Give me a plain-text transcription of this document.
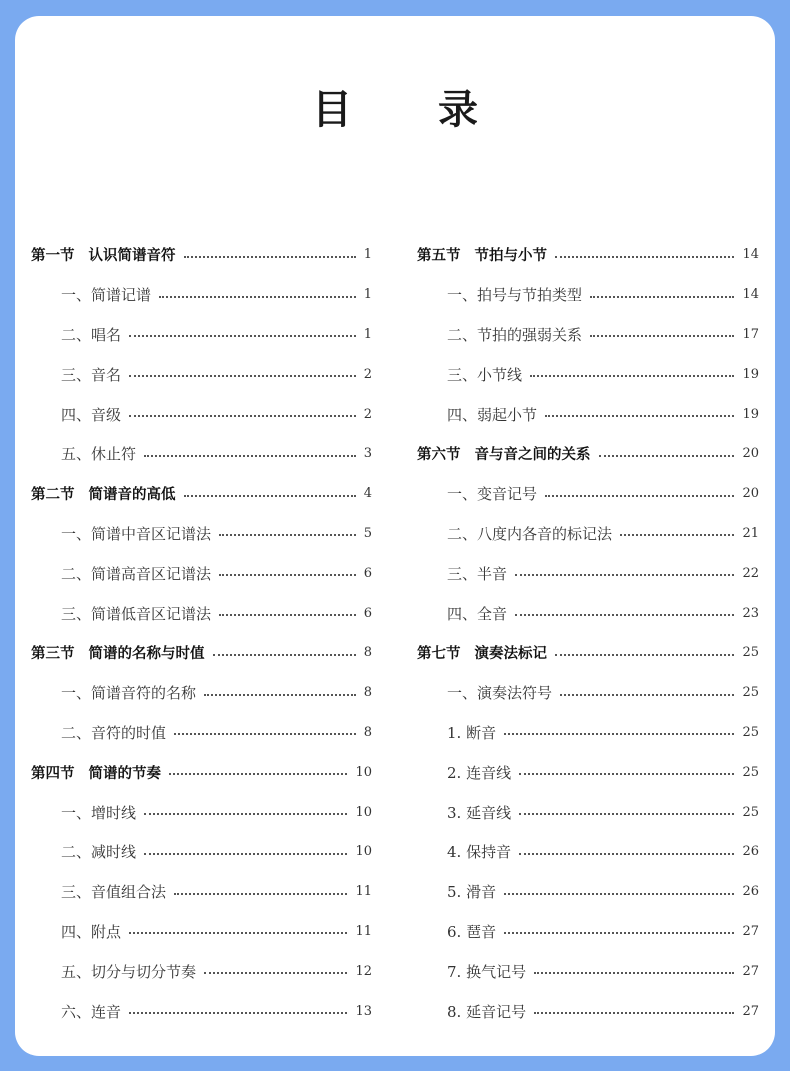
目 录
第一节 认识简谱音符	1
一、简谱记谱	1
二、唱名	1
三、音名	2
四、音级	2
五、休止符	3
第二节 简谱音的高低	4
一、简谱中音区记谱法	5
二、简谱高音区记谱法	6
三、简谱低音区记谱法	6
第三节 简谱的名称与时值	8
一、简谱音符的名称	8
二、音符的时值	8
第四节 简谱的节奏	10
一、增时线	10
二、减时线	10
三、音值组合法	11
四、附点	11
五、切分与切分节奏	12
六、连音	13
第五节 节拍与小节	14
一、拍号与节拍类型	14
二、节拍的强弱关系	17
三、小节线	19
四、弱起小节	19
第六节 音与音之间的关系	20
一、变音记号	20
二、八度内各音的标记法	21
三、半音	22
四、全音	23
第七节 演奏法标记	25
一、演奏法符号	25
1. 断音	25
2. 连音线	25
3. 延音线	25
4. 保持音	26
5. 滑音	26
6. 琶音	27
7. 换气记号	27
8. 延音记号	27
